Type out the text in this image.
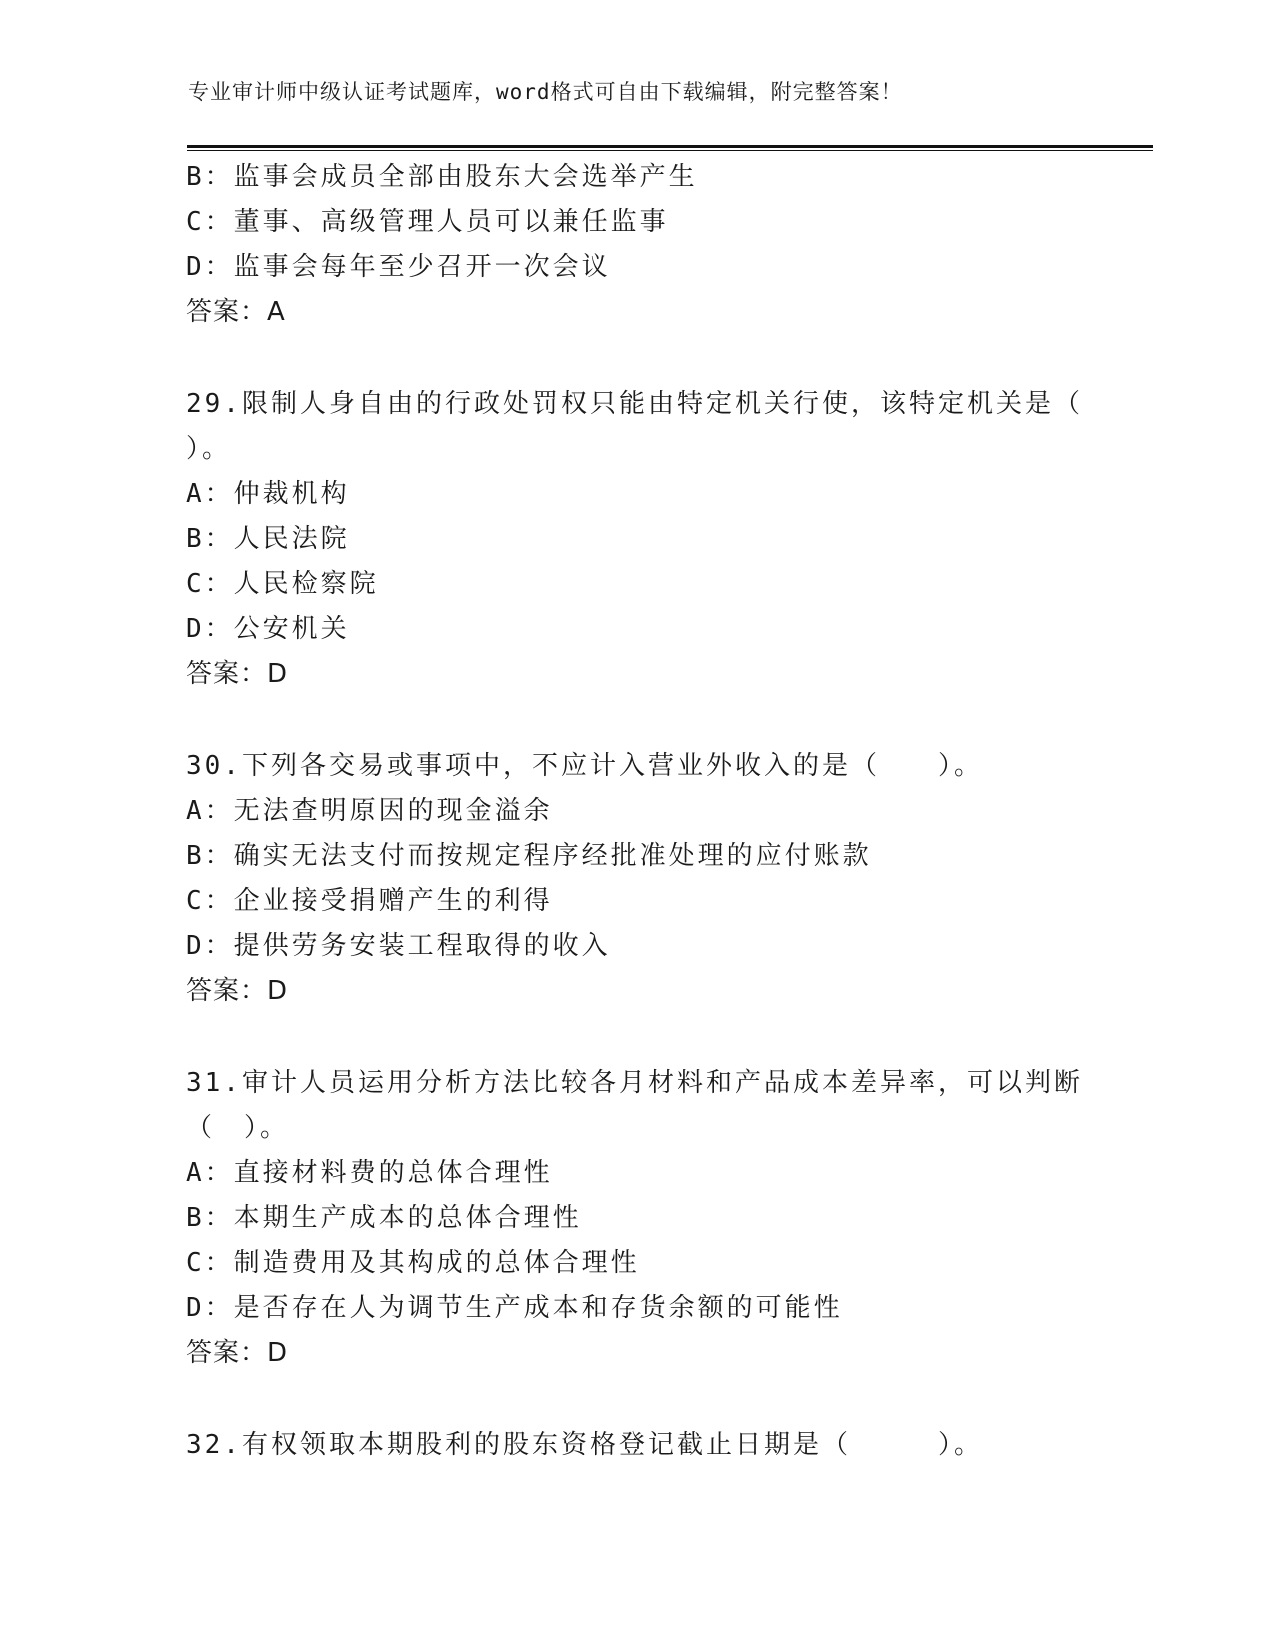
专业审计师中级认证考试题库，word格式可自由下载编辑，附完整答案！
B：监事会成员全部由股东大会选举产生
C：董事、高级管理人员可以兼任监事
D：监事会每年至少召开一次会议
答案：A
29.限制人身自由的行政处罚权只能由特定机关行使，该特定机关是（
）。
A：仲裁机构
B：人民法院
C：人民检察院
D：公安机关
答案：D
30.下列各交易或事项中，不应计入营业外收入的是（　　）。
A：无法查明原因的现金溢余
B：确实无法支付而按规定程序经批准处理的应付账款
C：企业接受捐赠产生的利得
D：提供劳务安装工程取得的收入
答案：D
31.审计人员运用分析方法比较各月材料和产品成本差异率，可以判断
（　）。
A：直接材料费的总体合理性
B：本期生产成本的总体合理性
C：制造费用及其构成的总体合理性
D：是否存在人为调节生产成本和存货余额的可能性
答案：D
32.有权领取本期股利的股东资格登记截止日期是（　　　）。
